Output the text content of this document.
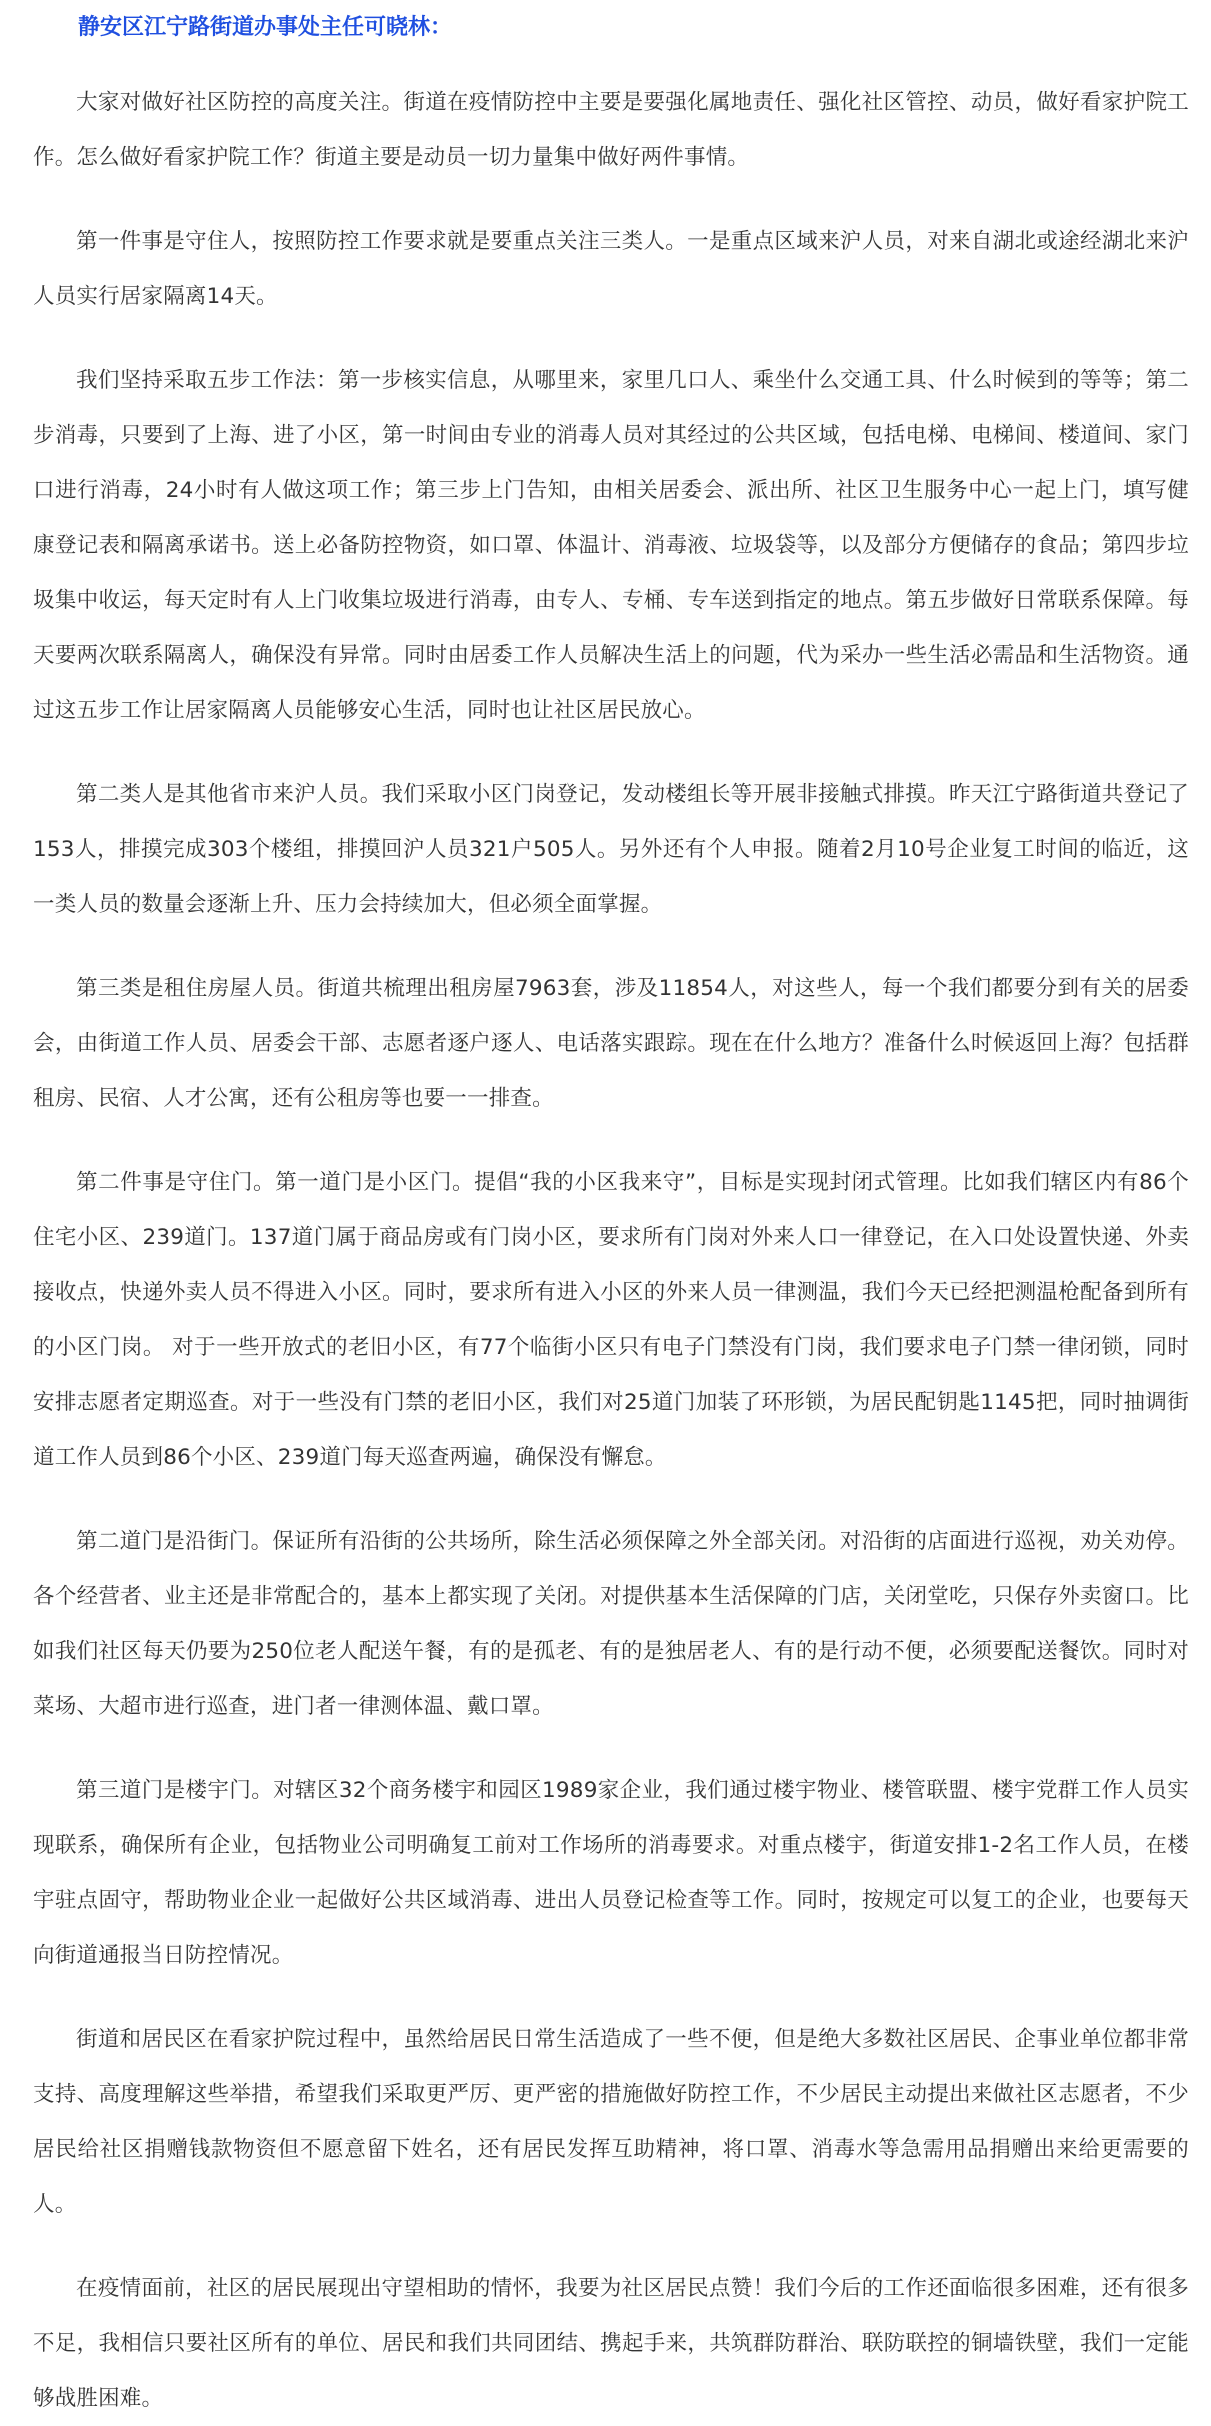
静安区江宁路街道办事处主任可晓林：

大家对做好社区防控的高度关注。街道在疫情防控中主要是要强化属地责任、强化社区管控、动员，做好看家护院工作。怎么做好看家护院工作？街道主要是动员一切力量集中做好两件事情。

第一件事是守住人，按照防控工作要求就是要重点关注三类人。一是重点区域来沪人员，对来自湖北或途经湖北来沪人员实行居家隔离14天。

我们坚持采取五步工作法：第一步核实信息，从哪里来，家里几口人、乘坐什么交通工具、什么时候到的等等；第二步消毒，只要到了上海、进了小区，第一时间由专业的消毒人员对其经过的公共区域，包括电梯、电梯间、楼道间、家门口进行消毒，24小时有人做这项工作；第三步上门告知，由相关居委会、派出所、社区卫生服务中心一起上门，填写健康登记表和隔离承诺书。送上必备防控物资，如口罩、体温计、消毒液、垃圾袋等，以及部分方便储存的食品；第四步垃圾集中收运，每天定时有人上门收集垃圾进行消毒，由专人、专桶、专车送到指定的地点。第五步做好日常联系保障。每天要两次联系隔离人，确保没有异常。同时由居委工作人员解决生活上的问题，代为采办一些生活必需品和生活物资。通过这五步工作让居家隔离人员能够安心生活，同时也让社区居民放心。

第二类人是其他省市来沪人员。我们采取小区门岗登记，发动楼组长等开展非接触式排摸。昨天江宁路街道共登记了153人，排摸完成303个楼组，排摸回沪人员321户505人。另外还有个人申报。随着2月10号企业复工时间的临近，这一类人员的数量会逐渐上升、压力会持续加大，但必须全面掌握。

第三类是租住房屋人员。街道共梳理出租房屋7963套，涉及11854人，对这些人，每一个我们都要分到有关的居委会，由街道工作人员、居委会干部、志愿者逐户逐人、电话落实跟踪。现在在什么地方？准备什么时候返回上海？包括群租房、民宿、人才公寓，还有公租房等也要一一排查。

第二件事是守住门。第一道门是小区门。提倡“我的小区我来守”，目标是实现封闭式管理。比如我们辖区内有86个住宅小区、239道门。137道门属于商品房或有门岗小区，要求所有门岗对外来人口一律登记，在入口处设置快递、外卖接收点，快递外卖人员不得进入小区。同时，要求所有进入小区的外来人员一律测温，我们今天已经把测温枪配备到所有的小区门岗。 对于一些开放式的老旧小区，有77个临街小区只有电子门禁没有门岗，我们要求电子门禁一律闭锁，同时安排志愿者定期巡查。对于一些没有门禁的老旧小区，我们对25道门加装了环形锁，为居民配钥匙1145把，同时抽调街道工作人员到86个小区、239道门每天巡查两遍，确保没有懈怠。

第二道门是沿街门。保证所有沿街的公共场所，除生活必须保障之外全部关闭。对沿街的店面进行巡视，劝关劝停。各个经营者、业主还是非常配合的，基本上都实现了关闭。对提供基本生活保障的门店，关闭堂吃，只保存外卖窗口。比如我们社区每天仍要为250位老人配送午餐，有的是孤老、有的是独居老人、有的是行动不便，必须要配送餐饮。同时对菜场、大超市进行巡查，进门者一律测体温、戴口罩。

第三道门是楼宇门。对辖区32个商务楼宇和园区1989家企业，我们通过楼宇物业、楼管联盟、楼宇党群工作人员实现联系，确保所有企业，包括物业公司明确复工前对工作场所的消毒要求。对重点楼宇，街道安排1-2名工作人员，在楼宇驻点固守，帮助物业企业一起做好公共区域消毒、进出人员登记检查等工作。同时，按规定可以复工的企业，也要每天向街道通报当日防控情况。

街道和居民区在看家护院过程中，虽然给居民日常生活造成了一些不便，但是绝大多数社区居民、企事业单位都非常支持、高度理解这些举措，希望我们采取更严厉、更严密的措施做好防控工作，不少居民主动提出来做社区志愿者，不少居民给社区捐赠钱款物资但不愿意留下姓名，还有居民发挥互助精神，将口罩、消毒水等急需用品捐赠出来给更需要的人。

在疫情面前，社区的居民展现出守望相助的情怀，我要为社区居民点赞！我们今后的工作还面临很多困难，还有很多不足，我相信只要社区所有的单位、居民和我们共同团结、携起手来，共筑群防群治、联防联控的铜墙铁壁，我们一定能够战胜困难。
